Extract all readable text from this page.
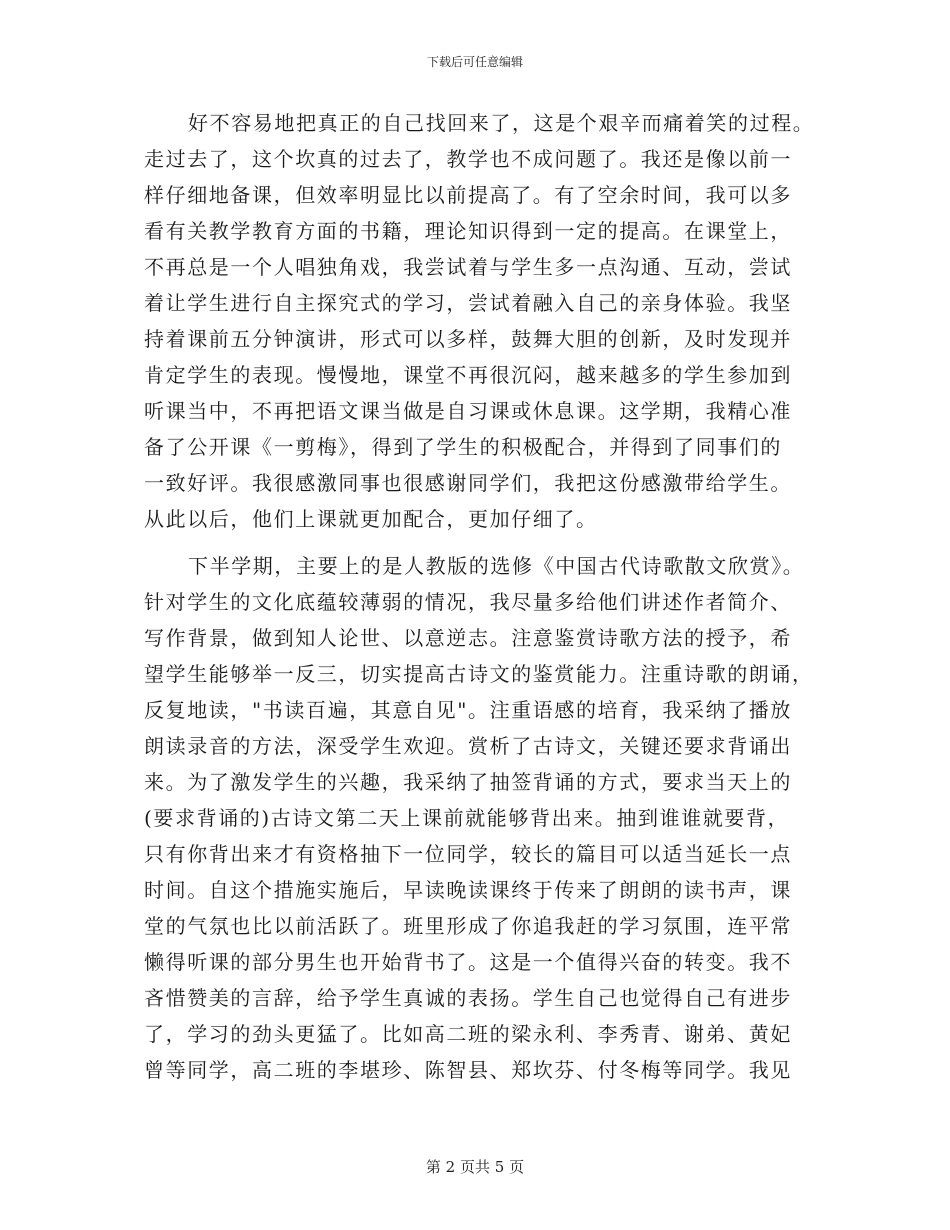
下载后可任意编辑
好不容易地把真正的自己找回来了，这是个艰辛而痛着笑的过程。
走过去了，这个坎真的过去了，教学也不成问题了。我还是像以前一
样仔细地备课，但效率明显比以前提高了。有了空余时间，我可以多
看有关教学教育方面的书籍，理论知识得到一定的提高。在课堂上，
不再总是一个人唱独角戏，我尝试着与学生多一点沟通、互动，尝试
着让学生进行自主探究式的学习，尝试着融入自己的亲身体验。我坚
持着课前五分钟演讲，形式可以多样，鼓舞大胆的创新，及时发现并
肯定学生的表现。慢慢地，课堂不再很沉闷，越来越多的学生参加到
听课当中，不再把语文课当做是自习课或休息课。这学期，我精心准
备了公开课《一剪梅》，得到了学生的积极配合，并得到了同事们的
一致好评。我很感激同事也很感谢同学们，我把这份感激带给学生。
从此以后，他们上课就更加配合，更加仔细了。
下半学期，主要上的是人教版的选修《中国古代诗歌散文欣赏》。
针对学生的文化底蕴较薄弱的情况，我尽量多给他们讲述作者简介、
写作背景，做到知人论世、以意逆志。注意鉴赏诗歌方法的授予，希
望学生能够举一反三，切实提高古诗文的鉴赏能力。注重诗歌的朗诵，
反复地读，"书读百遍，其意自见"。注重语感的培育，我采纳了播放
朗读录音的方法，深受学生欢迎。赏析了古诗文，关键还要求背诵出
来。为了激发学生的兴趣，我采纳了抽签背诵的方式，要求当天上的
(要求背诵的)古诗文第二天上课前就能够背出来。抽到谁谁就要背，
只有你背出来才有资格抽下一位同学，较长的篇目可以适当延长一点
时间。自这个措施实施后，早读晚读课终于传来了朗朗的读书声，课
堂的气氛也比以前活跃了。班里形成了你追我赶的学习氛围，连平常
懒得听课的部分男生也开始背书了。这是一个值得兴奋的转变。我不
吝惜赞美的言辞，给予学生真诚的表扬。学生自己也觉得自己有进步
了，学习的劲头更猛了。比如高二班的梁永利、李秀青、谢弟、黄妃
曾等同学，高二班的李堪珍、陈智县、郑坎芬、付冬梅等同学。我见
第 2 页共 5 页
